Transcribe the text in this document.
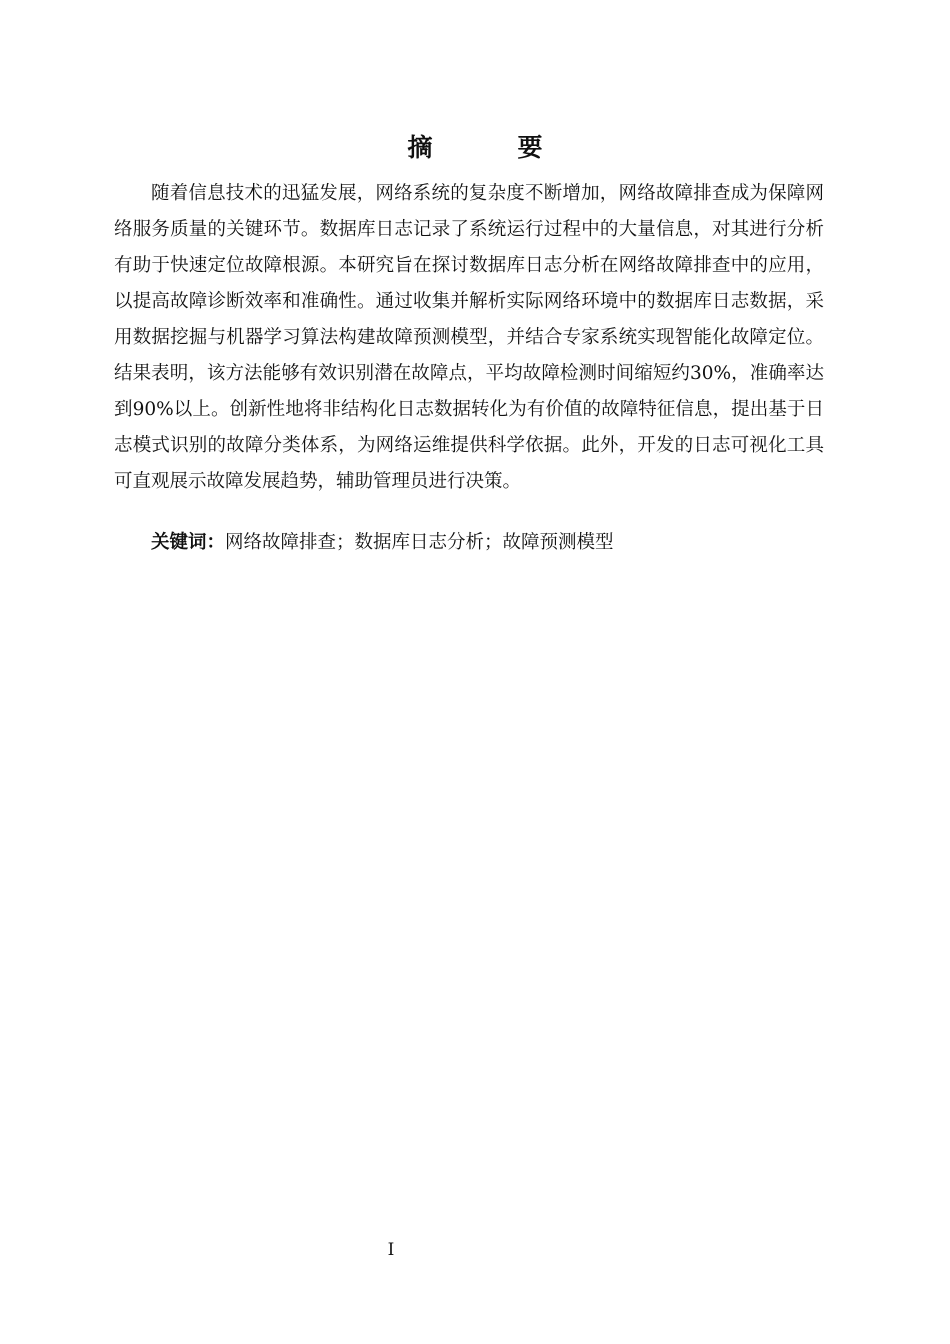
摘　要

随着信息技术的迅猛发展，网络系统的复杂度不断增加，网络故障排查成为保障网络服务质量的关键环节。数据库日志记录了系统运行过程中的大量信息，对其进行分析有助于快速定位故障根源。本研究旨在探讨数据库日志分析在网络故障排查中的应用，以提高故障诊断效率和准确性。通过收集并解析实际网络环境中的数据库日志数据，采用数据挖掘与机器学习算法构建故障预测模型，并结合专家系统实现智能化故障定位。结果表明，该方法能够有效识别潜在故障点，平均故障检测时间缩短约30%，准确率达到90%以上。创新性地将非结构化日志数据转化为有价值的故障特征信息，提出基于日志模式识别的故障分类体系，为网络运维提供科学依据。此外，开发的日志可视化工具可直观展示故障发展趋势，辅助管理员进行决策。

关键词：网络故障排查；数据库日志分析；故障预测模型

I
